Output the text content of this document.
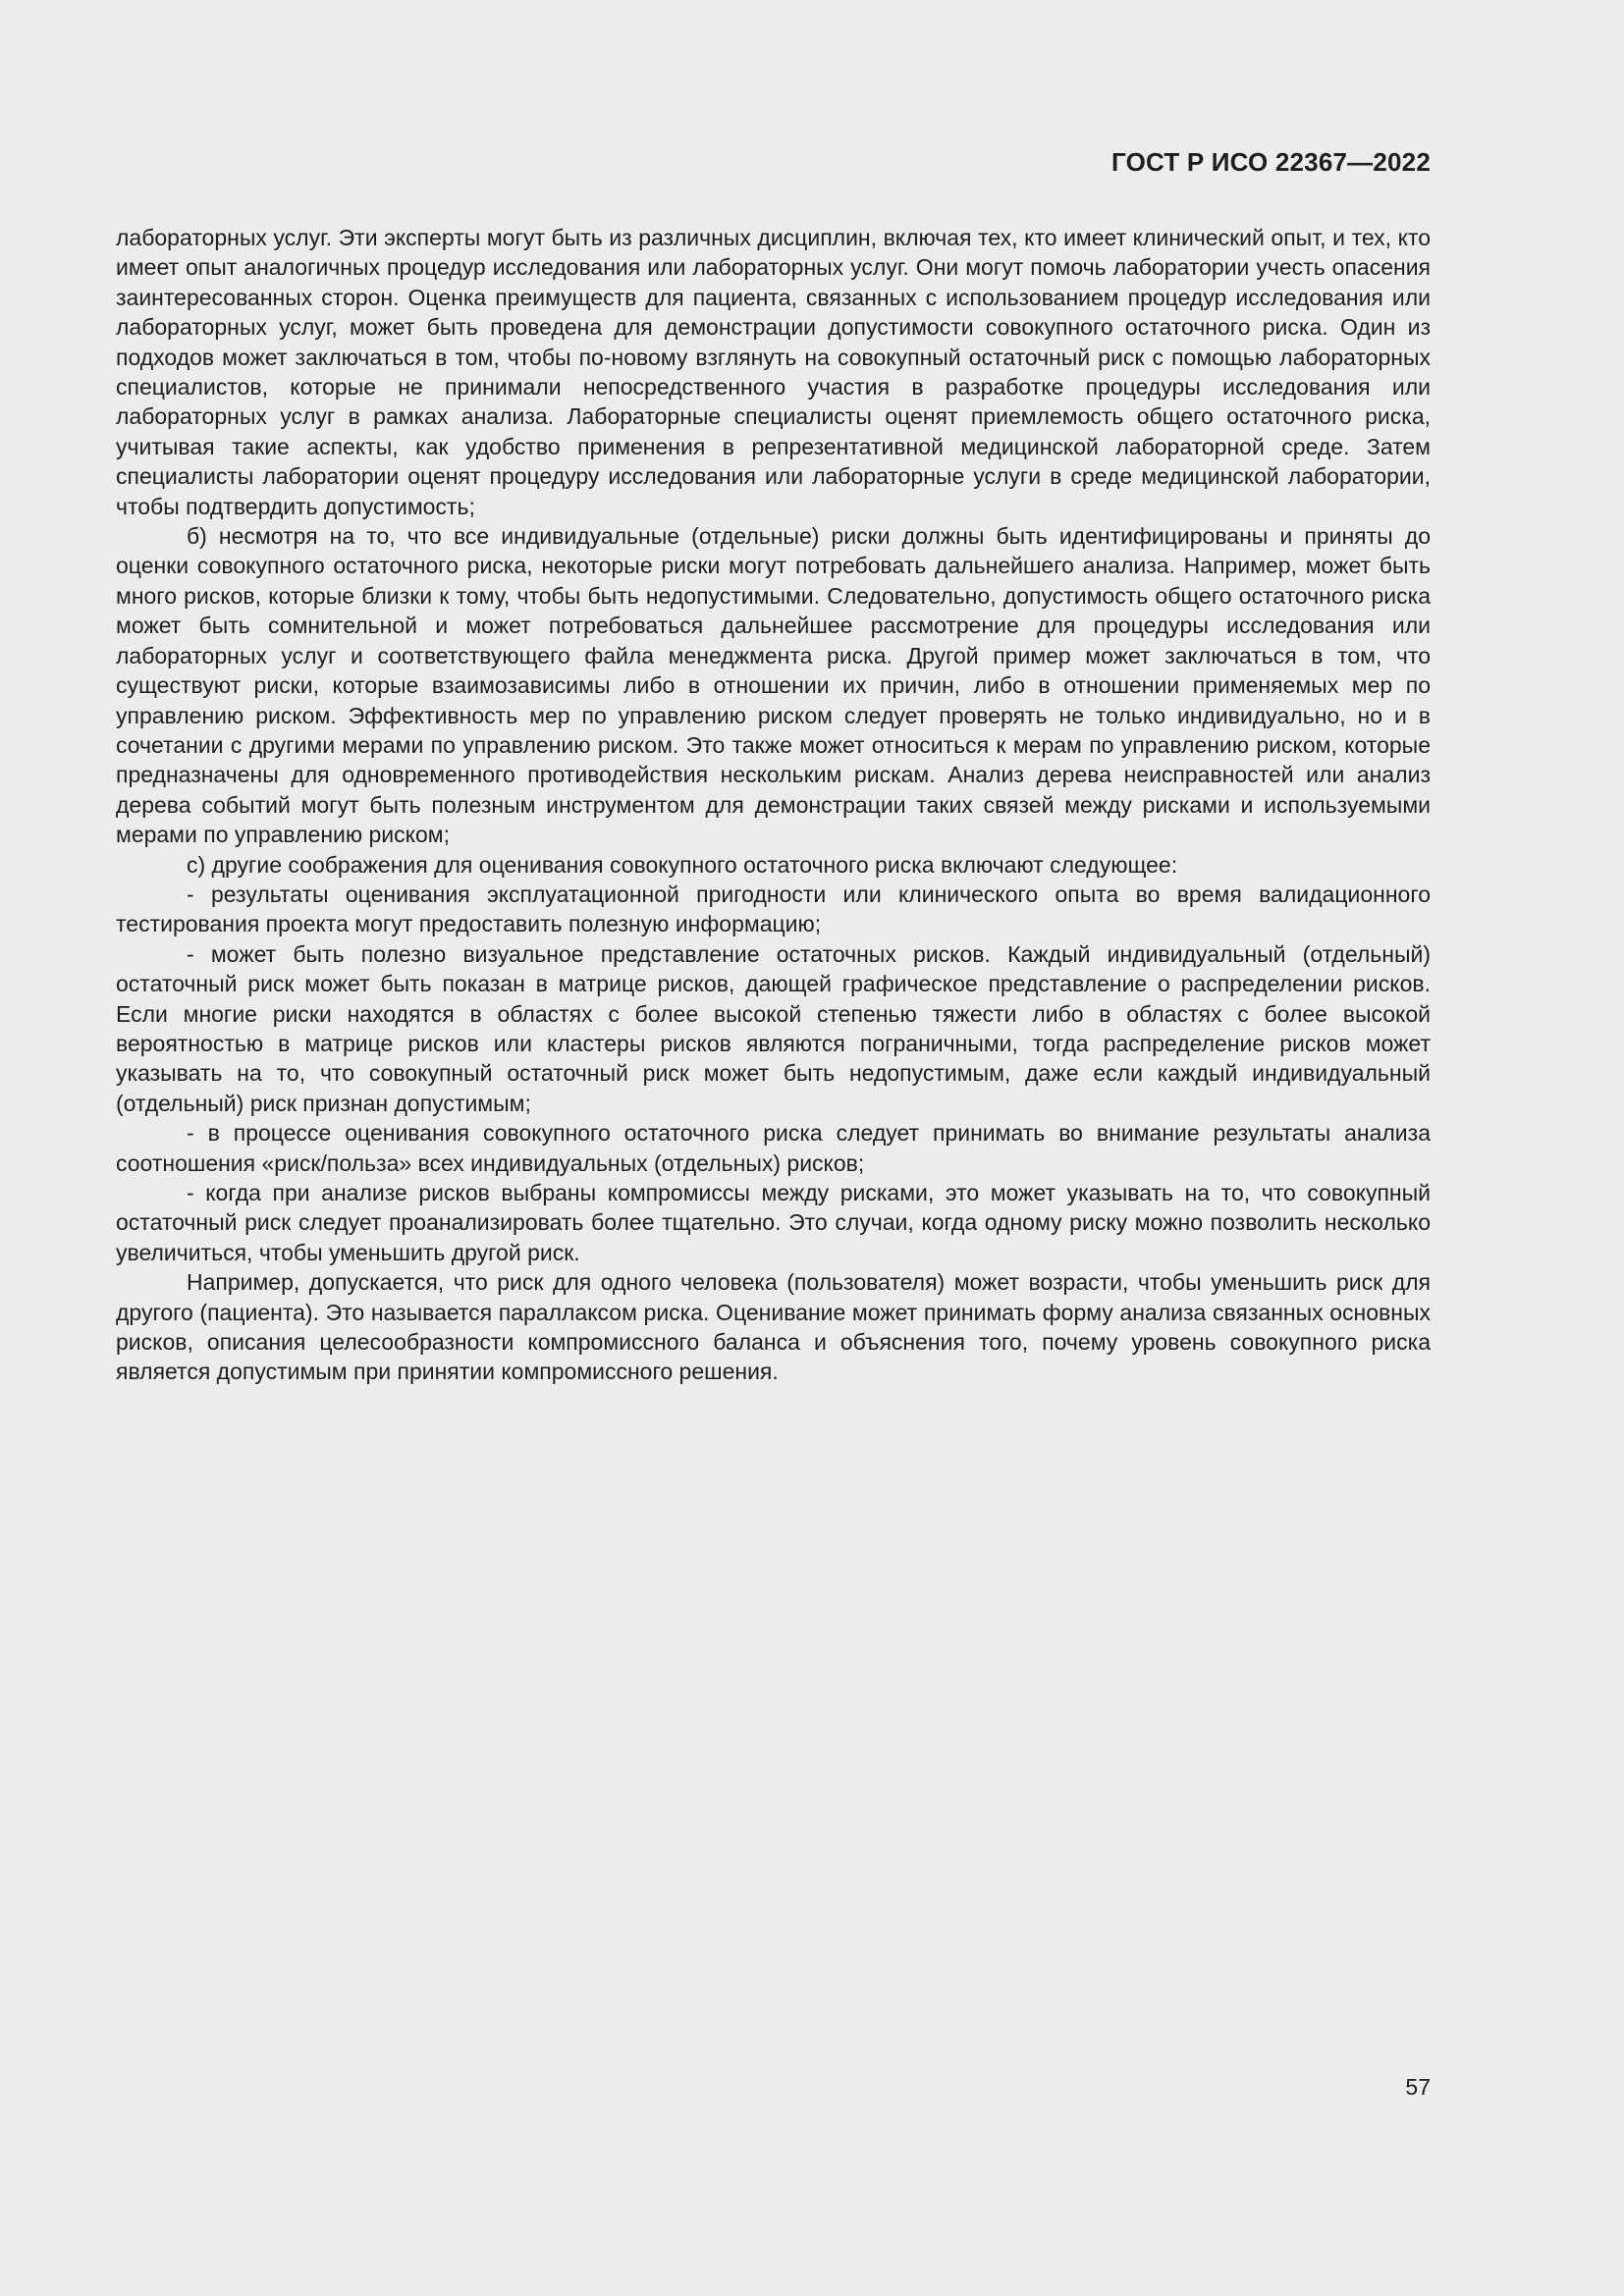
ГОСТ Р ИСО 22367—2022

лабораторных услуг. Эти эксперты могут быть из различных дисциплин, включая тех, кто имеет клинический опыт, и тех, кто имеет опыт аналогичных процедур исследования или лабораторных услуг. Они могут помочь лаборатории учесть опасения заинтересованных сторон. Оценка преимуществ для пациента, связанных с использованием процедур исследования или лабораторных услуг, может быть проведена для демонстрации допустимости совокупного остаточного риска. Один из подходов может заключаться в том, чтобы по-новому взглянуть на совокупный остаточный риск с помощью лабораторных специалистов, которые не принимали непосредственного участия в разработке процедуры исследования или лабораторных услуг в рамках анализа. Лабораторные специалисты оценят приемлемость общего остаточного риска, учитывая такие аспекты, как удобство применения в репрезентативной медицинской лабораторной среде. Затем специалисты лаборатории оценят процедуру исследования или лабораторные услуги в среде медицинской лаборатории, чтобы подтвердить допустимость;

б) несмотря на то, что все индивидуальные (отдельные) риски должны быть идентифицированы и приняты до оценки совокупного остаточного риска, некоторые риски могут потребовать дальнейшего анализа. Например, может быть много рисков, которые близки к тому, чтобы быть недопустимыми. Следовательно, допустимость общего остаточного риска может быть сомнительной и может потребоваться дальнейшее рассмотрение для процедуры исследования или лабораторных услуг и соответствующего файла менеджмента риска. Другой пример может заключаться в том, что существуют риски, которые взаимозависимы либо в отношении их причин, либо в отношении применяемых мер по управлению риском. Эффективность мер по управлению риском следует проверять не только индивидуально, но и в сочетании с другими мерами по управлению риском. Это также может относиться к мерам по управлению риском, которые предназначены для одновременного противодействия нескольким рискам. Анализ дерева неисправностей или анализ дерева событий могут быть полезным инструментом для демонстрации таких связей между рисками и используемыми мерами по управлению риском;

с) другие соображения для оценивания совокупного остаточного риска включают следующее:

- результаты оценивания эксплуатационной пригодности или клинического опыта во время валидационного тестирования проекта могут предоставить полезную информацию;

- может быть полезно визуальное представление остаточных рисков. Каждый индивидуальный (отдельный) остаточный риск может быть показан в матрице рисков, дающей графическое представление о распределении рисков. Если многие риски находятся в областях с более высокой степенью тяжести либо в областях с более высокой вероятностью в матрице рисков или кластеры рисков являются пограничными, тогда распределение рисков может указывать на то, что совокупный остаточный риск может быть недопустимым, даже если каждый индивидуальный (отдельный) риск признан допустимым;

- в процессе оценивания совокупного остаточного риска следует принимать во внимание результаты анализа соотношения «риск/польза» всех индивидуальных (отдельных) рисков;

- когда при анализе рисков выбраны компромиссы между рисками, это может указывать на то, что совокупный остаточный риск следует проанализировать более тщательно. Это случаи, когда одному риску можно позволить несколько увеличиться, чтобы уменьшить другой риск.

Например, допускается, что риск для одного человека (пользователя) может возрасти, чтобы уменьшить риск для другого (пациента). Это называется параллаксом риска. Оценивание может принимать форму анализа связанных основных рисков, описания целесообразности компромиссного баланса и объяснения того, почему уровень совокупного риска является допустимым при принятии компромиссного решения.

57
